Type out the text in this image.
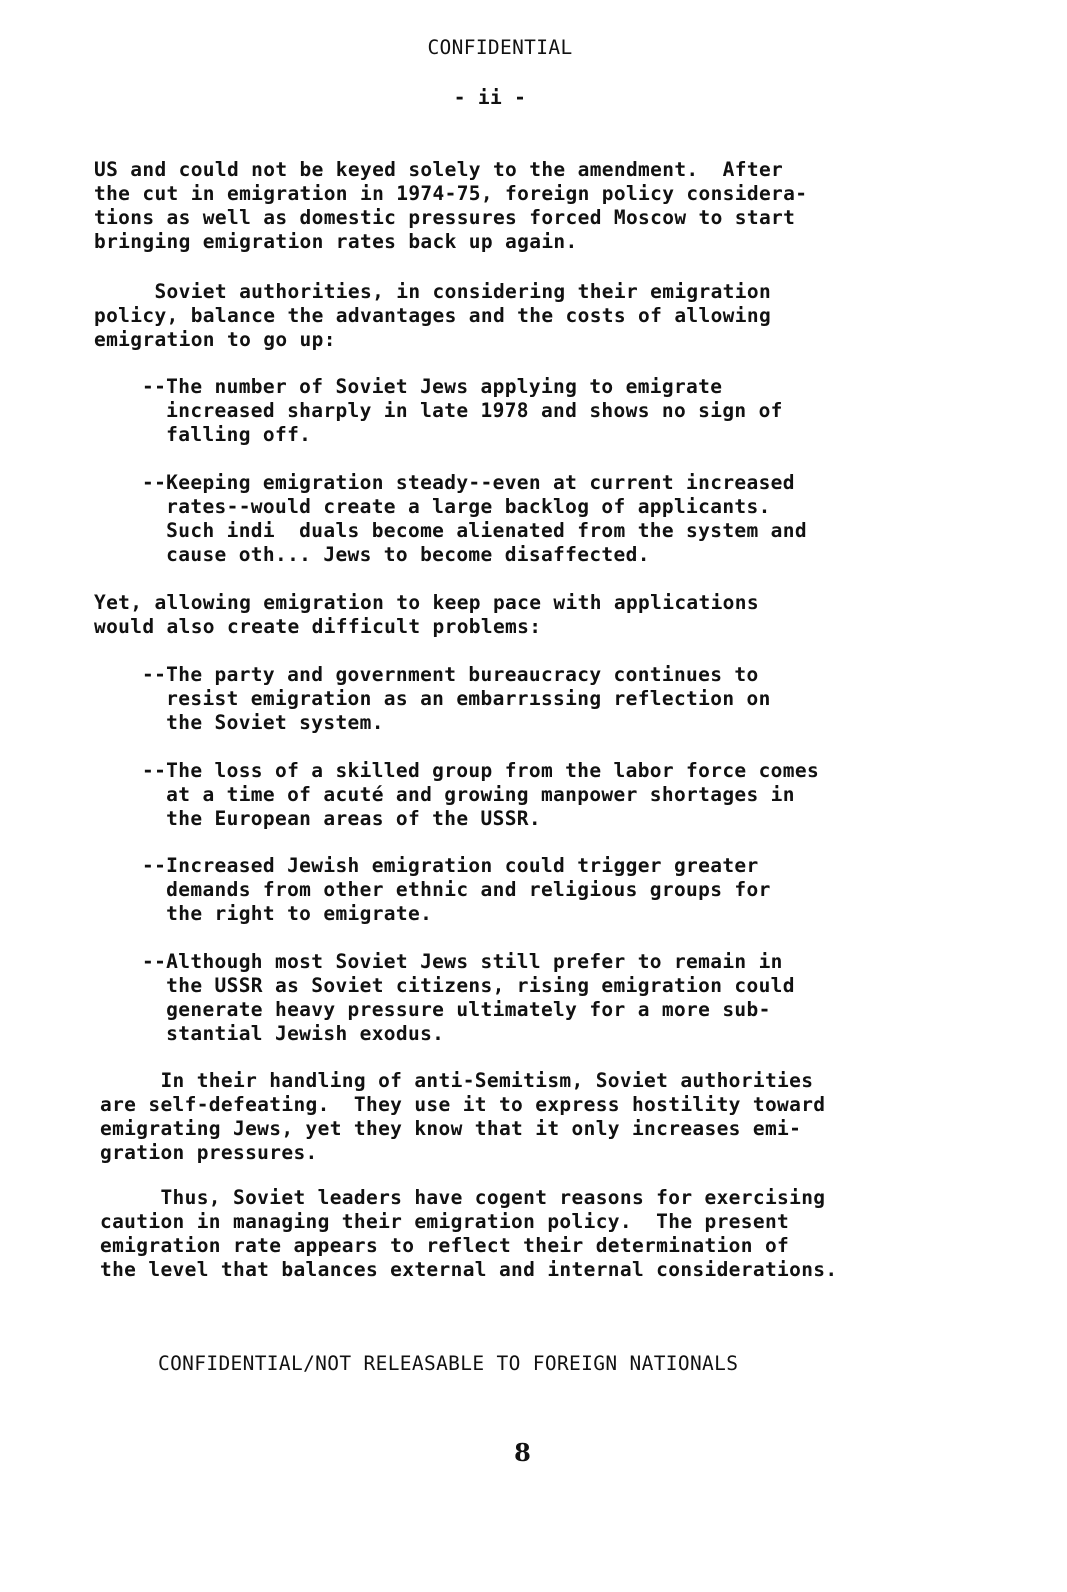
CONFIDENTIAL
- ii -

US and could not be keyed solely to the amendment.  After
the cut in emigration in 1974-75, foreign policy considera-
tions as well as domestic pressures forced Moscow to start
bringing emigration rates back up again.

Soviet authorities, in considering their emigration
policy, balance the advantages and the costs of allowing
emigration to go up:

--The number of Soviet Jews applying to emigrate
increased sharply in late 1978 and shows no sign of
falling off.

--Keeping emigration steady--even at current increased
rates--would create a large backlog of applicants.
Such indi  duals become alienated from the system and
cause oth... Jews to become disaffected.

Yet, allowing emigration to keep pace with applications
would also create difficult problems:

--The party and government bureaucracy continues to
resist emigration as an embarrıssing reflection on
the Soviet system.

--The loss of a skilled group from the labor force comes
at a time of acuté and growing manpower shortages in
the European areas of the USSR.

--Increased Jewish emigration could trigger greater
demands from other ethnic and religious groups for
the right to emigrate.

--Although most Soviet Jews still prefer to remain in
the USSR as Soviet citizens, rising emigration could
generate heavy pressure ultimately for a more sub-
stantial Jewish exodus.

In their handling of anti-Semitism, Soviet authorities
are self-defeating.  They use it to express hostility toward
emigrating Jews, yet they know that it only increases emi-
gration pressures.

Thus, Soviet leaders have cogent reasons for exercising
caution in managing their emigration policy.  The present
emigration rate appears to reflect their determination of
the level that balances external and internal considerations.

CONFIDENTIAL/NOT RELEASABLE TO FOREIGN NATIONALS
8
